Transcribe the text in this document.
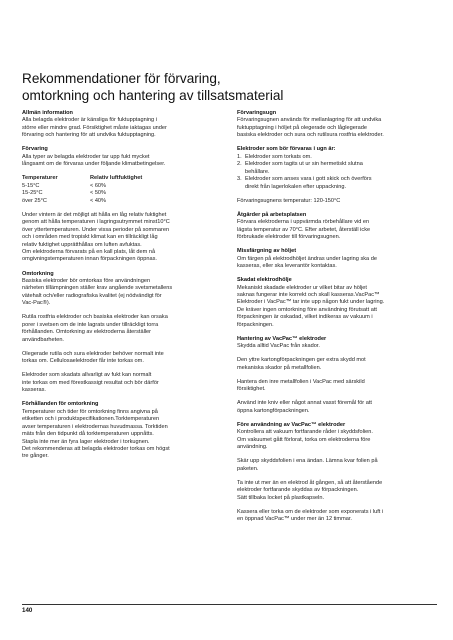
Rekommendationer för förvaring,
omtorkning och hantering av tillsatsmaterial

Allmän information

Alla belagda elektroder är känsliga för fuktupptagning i

större eller mindre grad. Försiktighet måste iaktagas under

förvaring och hantering för att undvika fuktupptagning.

Förvaring

Alla typer av belagda elektroder tar upp fukt mycket

långsamt om de förvaras under följande klimatbetingelser.

Temperaturer	Relativ luftfuktighet
5-15°C	< 60%
15-25°C	< 50%
över 25°C	< 40%

Under vintern är det möjligt att hålla en låg relativ fuktighet

genom att hålla temperaturen i lagringsutrymmet minst10°C

över yttertemperaturen. Under vissa perioder på sommaren

och i områden med tropiskt klimat kan en tillräckligt låg

relativ fuktighet upprätthållas om luften avfuktas.

Om elektroderna förvarats på en kall plats, låt dem nå

omgivningstemperaturen innan förpackningen öppnas.

Omtorkning

Basiska elektroder bör omtorkas före användningen

närheten tillämpningen ställer krav angående svetsmetallens

vätehalt och/eller radiografiska kvalitet (ej nödvändigt för

Vac-Pac®).

Rutila rostfria elektroder och basiska elektroder kan orsaka

porer i svetsen om de inte lagrats under tillräckligt torra

förhållanden. Omtorkning av elektroderna återställer

användbarheten.

Olegerade rutila och sura elektroder behöver normalt inte

torkas om. Cellulosaelektroder får inte torkas om.

Elektroder som skadats allvarligt av fukt kan normalt

inte torkas om med förestkassigt resultat och bör därför

kasseras.

Förhållanden för omtorkning

Temperaturer och tider för omtorkning finns angivna på

etiketten och i produktspecifikationen.Torktemperaturen

avser temperaturen i elektrodernas huvudmassa. Torktiden

mäts från den tidpunkt då torktemperaturen uppnåtts.

Stapla inte mer än fyra lager elektroder i torkugnen.

Det rekommenderas att belagda elektroder torkas om högst

tre gånger.

Förvaringsugn

Förvaringsugnen används för mellanlagring för att undvika

fuktupptagning i höljet på olegerade och låglegerade

basiska elektroder och sura och rutilsura rostfria elektroder.

Elektroder som bör förvaras i ugn är:

1. Elektroder som torkats om.
2. Elektroder som tagits ut ur sin hermetiskt slutna
behållare.
3. Elektroder som anses vara i gott skick och överförs
direkt från lagerlokalen efter uppackning.

Förvaringsugnens temperatur: 120-150°C

Åtgärder på arbetsplatsen

Förvara elektroderna i uppvärmda rörbehållare vid en

lägsta temperatur av 70°C. Efter arbetet, återställ icke

förbrukade elektroder till förvaringsugnen.

Missfärgning av höljet

Om färgen på elektrodhöljet ändras under lagring ska de

kasseras, eller ska leverantör kontaktas.

Skadat elektrodhölje

Mekaniskt skadade elektroder ur vilket bitar av höljet

saknas fungerar inte korrekt och skall kasseras.VacPac™

Elektroder i VacPac™ tar inte upp någon fukt under lagring.

De kräver ingen omtorkning före användning förutsatt att

förpackningen är oskadad, vilket indikeras av vakuum i

förpackningen.

Hantering av VacPac™ elektroder

Skydda alltid VacPac från skador.

Den yttre kartongförpackningen ger extra skydd mot

mekaniska skador på metallfolien.

Hantera den inre metallfolien i VacPac med särskild

försiktighet.

Använd inte kniv eller något annat vasst föremål för att

öppna kartongförpackningen.

Före användning av VacPac™ elektroder

Kontrollera att vakuum fortfarande råder i skyddsfolien.

Om vakuumet gått förlorat, torka om elektroderna före

användning.

Skär upp skyddsfolien i ena ändan. Lämna kvar folien på

paketen.

Ta inte ut mer än en elektrod åt gången, så att återstående

elektroder fortfarande skyddas av förpackningen.

Sätt tillbaka locket på plastkapseln.

Kassera eller torka om de elektroder som exponerats i luft i

en öppnad VacPac™ under mer än 12 timmar.

140
